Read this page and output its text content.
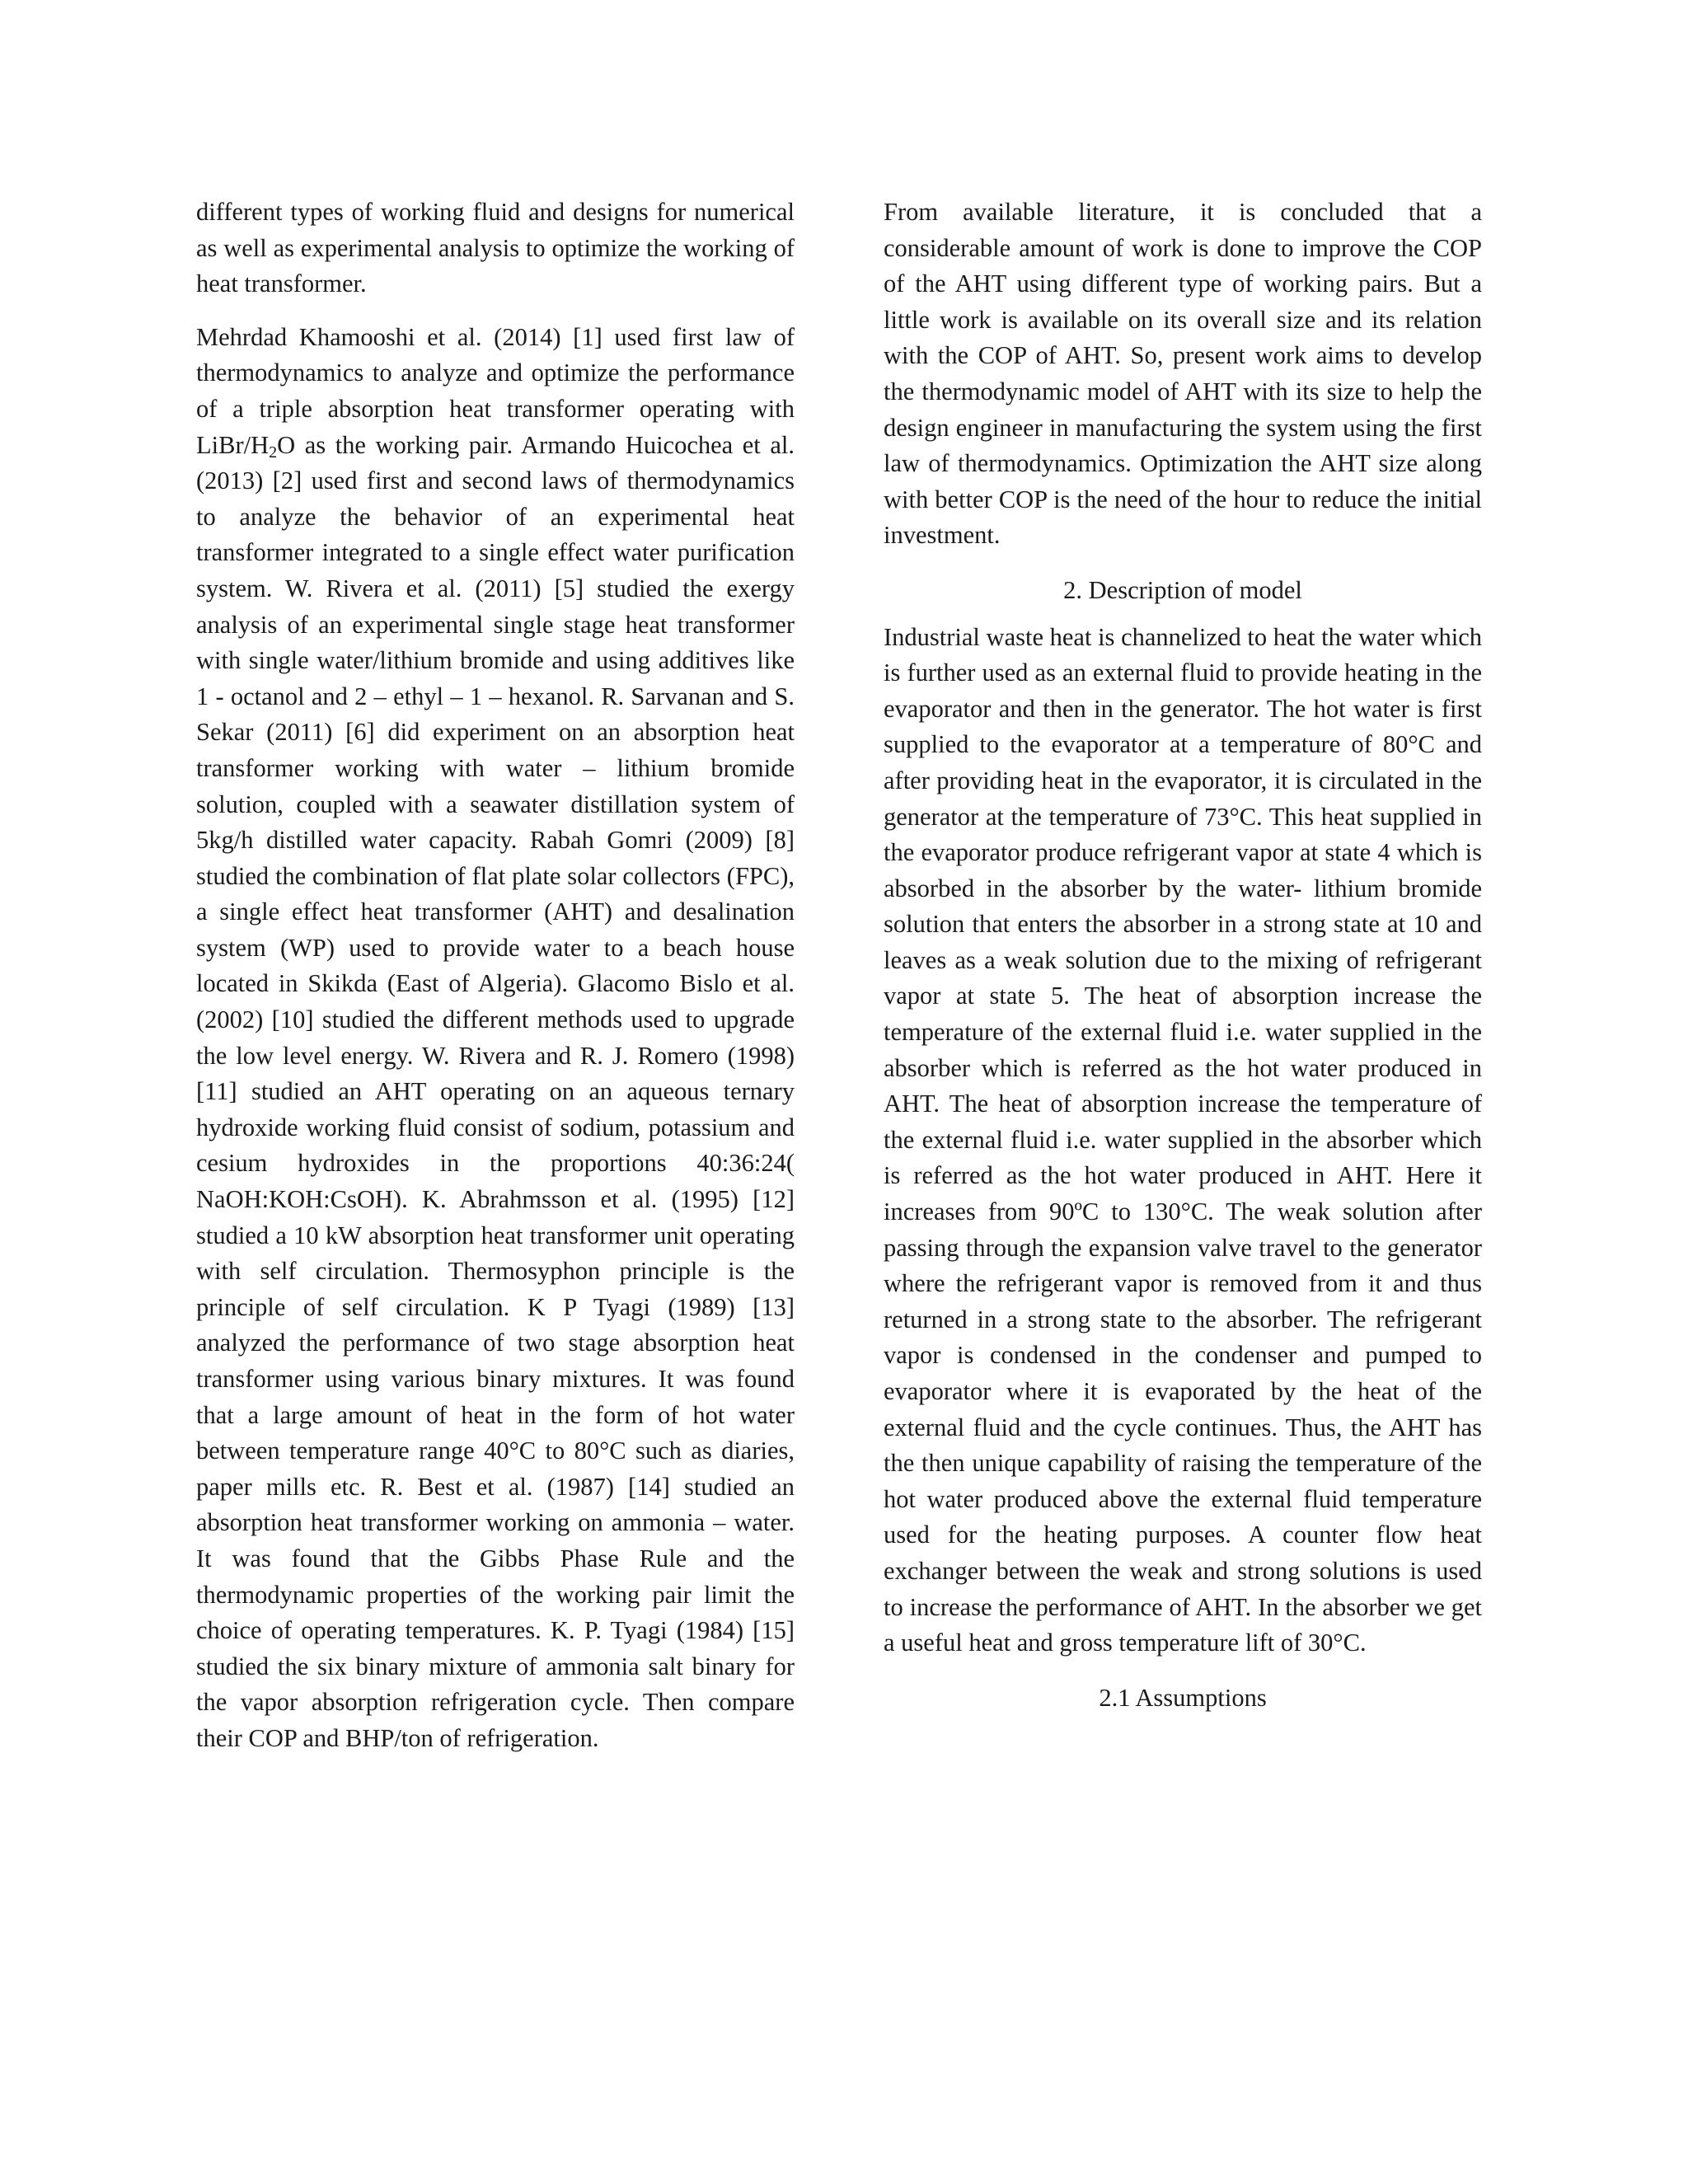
different types of working fluid and designs for numerical as well as experimental analysis to optimize the working of heat transformer.

Mehrdad Khamooshi et al. (2014) [1] used first law of thermodynamics to analyze and optimize the performance of a triple absorption heat transformer operating with LiBr/$H_2O$ as the working pair. Armando Huicochea et al. (2013) [2] used first and second laws of thermodynamics to analyze the behavior of an experimental heat transformer integrated to a single effect water purification system. W. Rivera et al. (2011) [5] studied the exergy analysis of an experimental single stage heat transformer with single water/lithium bromide and using additives like 1 - octanol and 2 – ethyl – 1 – hexanol. R. Sarvanan and S. Sekar (2011) [6] did experiment on an absorption heat transformer working with water – lithium bromide solution, coupled with a seawater distillation system of 5kg/h distilled water capacity. Rabah Gomri (2009) [8] studied the combination of flat plate solar collectors (FPC), a single effect heat transformer (AHT) and desalination system (WP) used to provide water to a beach house located in Skikda (East of Algeria). Glacomo Bislo et al. (2002) [10] studied the different methods used to upgrade the low level energy. W. Rivera and R. J. Romero (1998) [11] studied an AHT operating on an aqueous ternary hydroxide working fluid consist of sodium, potassium and cesium hydroxides in the proportions 40:36:24( NaOH:KOH:CsOH). K. Abrahmsson et al. (1995) [12] studied a 10 kW absorption heat transformer unit operating with self circulation. Thermosyphon principle is the principle of self circulation. K P Tyagi (1989) [13] analyzed the performance of two stage absorption heat transformer using various binary mixtures. It was found that a large amount of heat in the form of hot water between temperature range 40°C to 80°C such as diaries, paper mills etc. R. Best et al. (1987) [14] studied an absorption heat transformer working on ammonia – water. It was found that the Gibbs Phase Rule and the thermodynamic properties of the working pair limit the choice of operating temperatures. K. P. Tyagi (1984) [15] studied the six binary mixture of ammonia salt binary for the vapor absorption refrigeration cycle. Then compare their COP and BHP/ton of refrigeration.

From available literature, it is concluded that a considerable amount of work is done to improve the COP of the AHT using different type of working pairs. But a little work is available on its overall size and its relation with the COP of AHT. So, present work aims to develop the thermodynamic model of AHT with its size to help the design engineer in manufacturing the system using the first law of thermodynamics. Optimization the AHT size along with better COP is the need of the hour to reduce the initial investment.

2. Description of model

Industrial waste heat is channelized to heat the water which is further used as an external fluid to provide heating in the evaporator and then in the generator. The hot water is first supplied to the evaporator at a temperature of 80°C and after providing heat in the evaporator, it is circulated in the generator at the temperature of 73°C. This heat supplied in the evaporator produce refrigerant vapor at state 4 which is absorbed in the absorber by the water- lithium bromide solution that enters the absorber in a strong state at 10 and leaves as a weak solution due to the mixing of refrigerant vapor at state 5. The heat of absorption increase the temperature of the external fluid i.e. water supplied in the absorber which is referred as the hot water produced in AHT. The heat of absorption increase the temperature of the external fluid i.e. water supplied in the absorber which is referred as the hot water produced in AHT. Here it increases from 90ºC to 130°C. The weak solution after passing through the expansion valve travel to the generator where the refrigerant vapor is removed from it and thus returned in a strong state to the absorber. The refrigerant vapor is condensed in the condenser and pumped to evaporator where it is evaporated by the heat of the external fluid and the cycle continues. Thus, the AHT has the then unique capability of raising the temperature of the hot water produced above the external fluid temperature used for the heating purposes. A counter flow heat exchanger between the weak and strong solutions is used to increase the performance of AHT. In the absorber we get a useful heat and gross temperature lift of 30°C.

2.1 Assumptions
